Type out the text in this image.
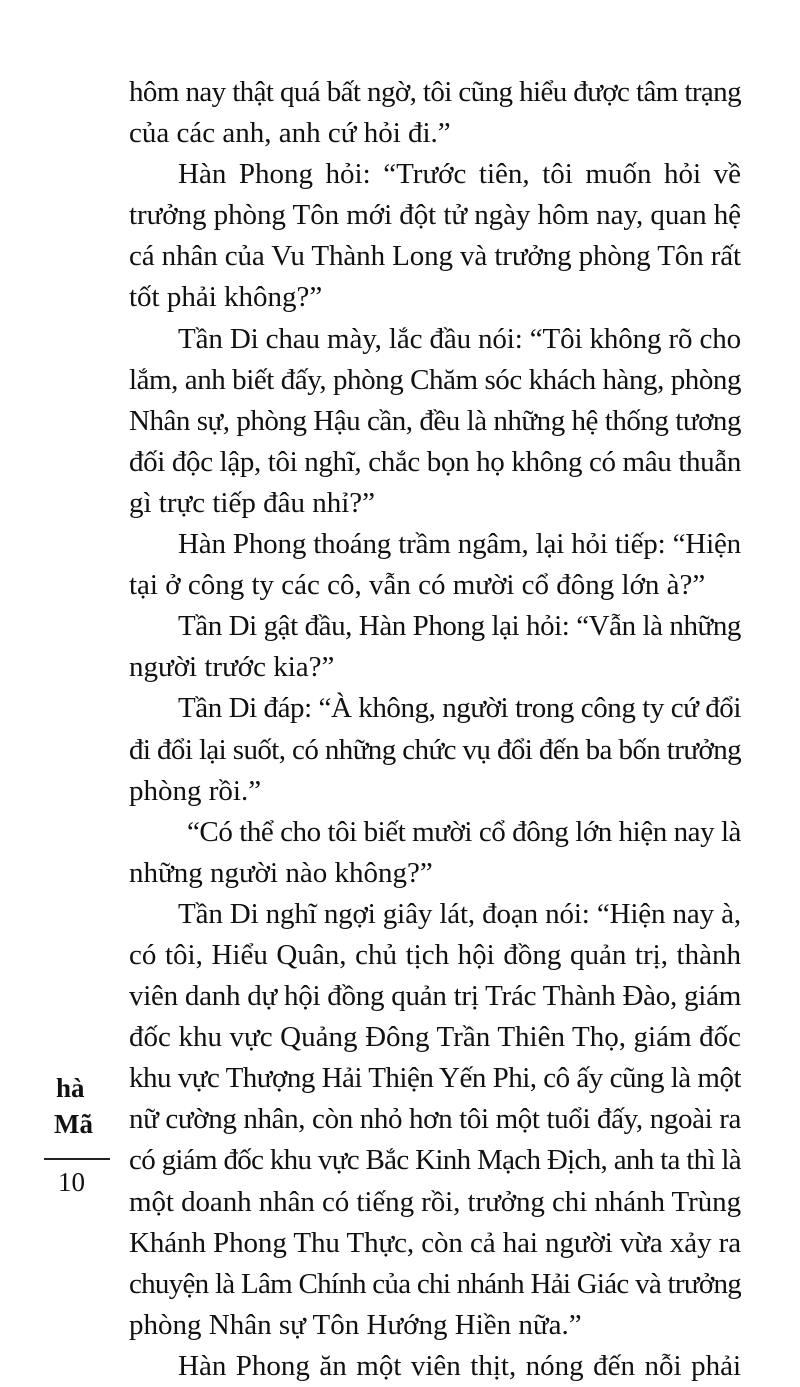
hôm nay thật quá bất ngờ, tôi cũng hiểu được tâm trạng
của các anh, anh cứ hỏi đi.”
Hàn Phong hỏi: “Trước tiên, tôi muốn hỏi về
trưởng phòng Tôn mới đột tử ngày hôm nay, quan hệ
cá nhân của Vu Thành Long và trưởng phòng Tôn rất
tốt phải không?”
Tần Di chau mày, lắc đầu nói: “Tôi không rõ cho
lắm, anh biết đấy, phòng Chăm sóc khách hàng, phòng
Nhân sự, phòng Hậu cần, đều là những hệ thống tương
đối độc lập, tôi nghĩ, chắc bọn họ không có mâu thuẫn
gì trực tiếp đâu nhỉ?”
Hàn Phong thoáng trầm ngâm, lại hỏi tiếp: “Hiện
tại ở công ty các cô, vẫn có mười cổ đông lớn à?”
Tần Di gật đầu, Hàn Phong lại hỏi: “Vẫn là những
người trước kia?”
Tần Di đáp: “À không, người trong công ty cứ đổi
đi đổi lại suốt, có những chức vụ đổi đến ba bốn trưởng
phòng rồi.”
“Có thể cho tôi biết mười cổ đông lớn hiện nay là
những người nào không?”
Tần Di nghĩ ngợi giây lát, đoạn nói: “Hiện nay à,
có tôi, Hiểu Quân, chủ tịch hội đồng quản trị, thành
viên danh dự hội đồng quản trị Trác Thành Đào, giám
đốc khu vực Quảng Đông Trần Thiên Thọ, giám đốc
khu vực Thượng Hải Thiện Yến Phi, cô ấy cũng là một
nữ cường nhân, còn nhỏ hơn tôi một tuổi đấy, ngoài ra
có giám đốc khu vực Bắc Kinh Mạch Địch, anh ta thì là
một doanh nhân có tiếng rồi, trưởng chi nhánh Trùng
Khánh Phong Thu Thực, còn cả hai người vừa xảy ra
chuyện là Lâm Chính của chi nhánh Hải Giác và trưởng
phòng Nhân sự Tôn Hướng Hiền nữa.”
Hàn Phong ăn một viên thịt, nóng đến nỗi phải
hà
Mã
10
